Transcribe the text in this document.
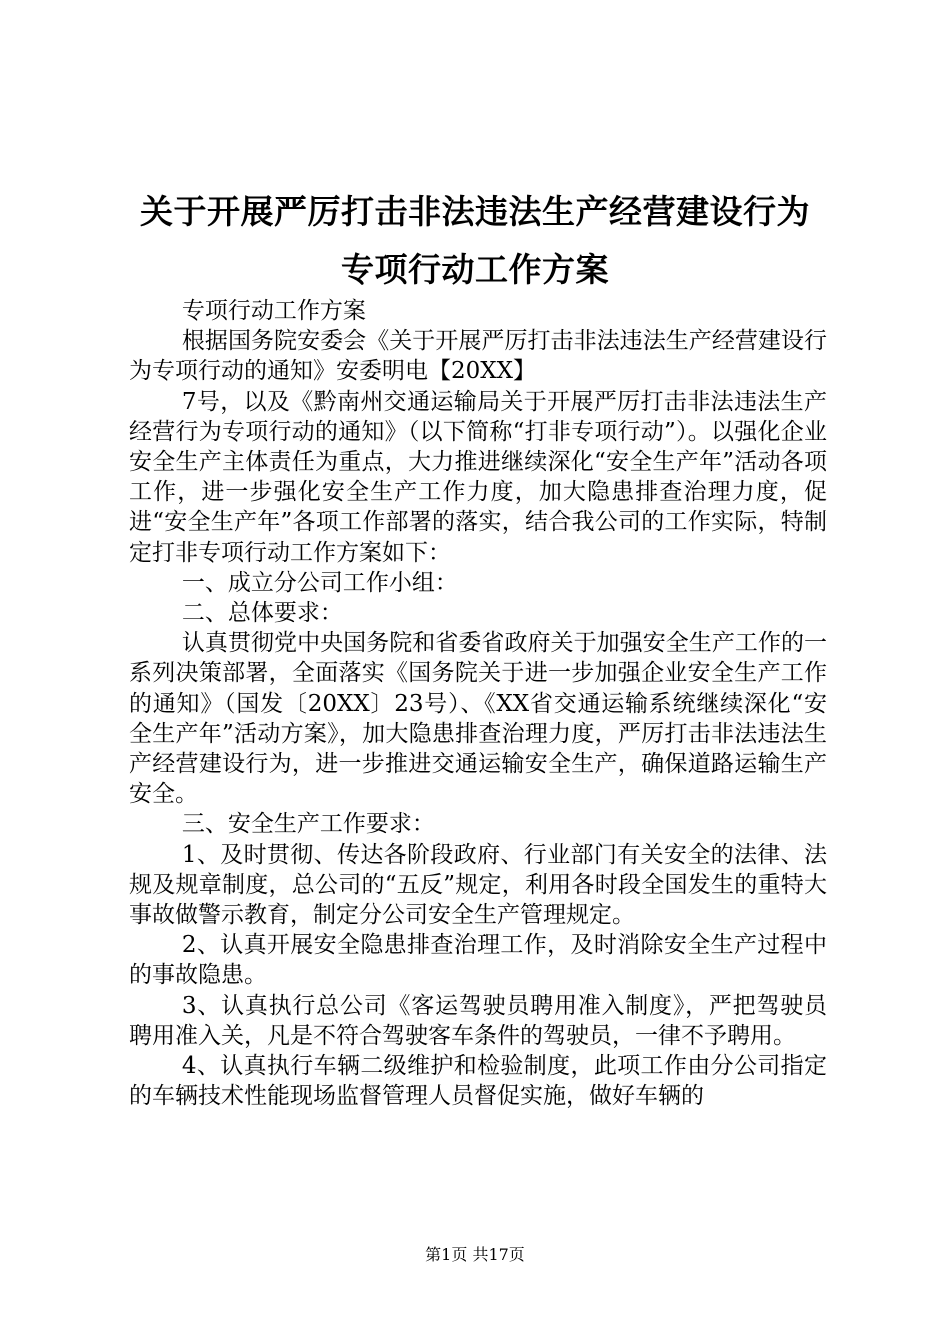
关于开展严厉打击非法违法生产经营建设行为
专项行动工作方案

专项行动工作方案

根据国务院安委会《关于开展严厉打击非法违法生产经营建设行为专项行动的通知》安委明电【20XX】

7号，以及《黔南州交通运输局关于开展严厉打击非法违法生产经营行为专项行动的通知》（以下简称“打非专项行动”）。以强化企业安全生产主体责任为重点，大力推进继续深化“安全生产年”活动各项工作，进一步强化安全生产工作力度，加大隐患排查治理力度，促进“安全生产年”各项工作部署的落实，结合我公司的工作实际，特制定打非专项行动工作方案如下：

一、成立分公司工作小组：

二、总体要求：

认真贯彻党中央国务院和省委省政府关于加强安全生产工作的一系列决策部署，全面落实《国务院关于进一步加强企业安全生产工作的通知》（国发〔20XX〕23号）、《XX省交通运输系统继续深化“安全生产年”活动方案》，加大隐患排查治理力度，严厉打击非法违法生产经营建设行为，进一步推进交通运输安全生产，确保道路运输生产安全。

三、安全生产工作要求：

1、及时贯彻、传达各阶段政府、行业部门有关安全的法律、法规及规章制度，总公司的“五反”规定，利用各时段全国发生的重特大事故做警示教育，制定分公司安全生产管理规定。

2、认真开展安全隐患排查治理工作，及时消除安全生产过程中的事故隐患。

3、认真执行总公司《客运驾驶员聘用准入制度》，严把驾驶员聘用准入关，凡是不符合驾驶客车条件的驾驶员，一律不予聘用。

4、认真执行车辆二级维护和检验制度，此项工作由分公司指定的车辆技术性能现场监督管理人员督促实施，做好车辆的

第1页 共17页
